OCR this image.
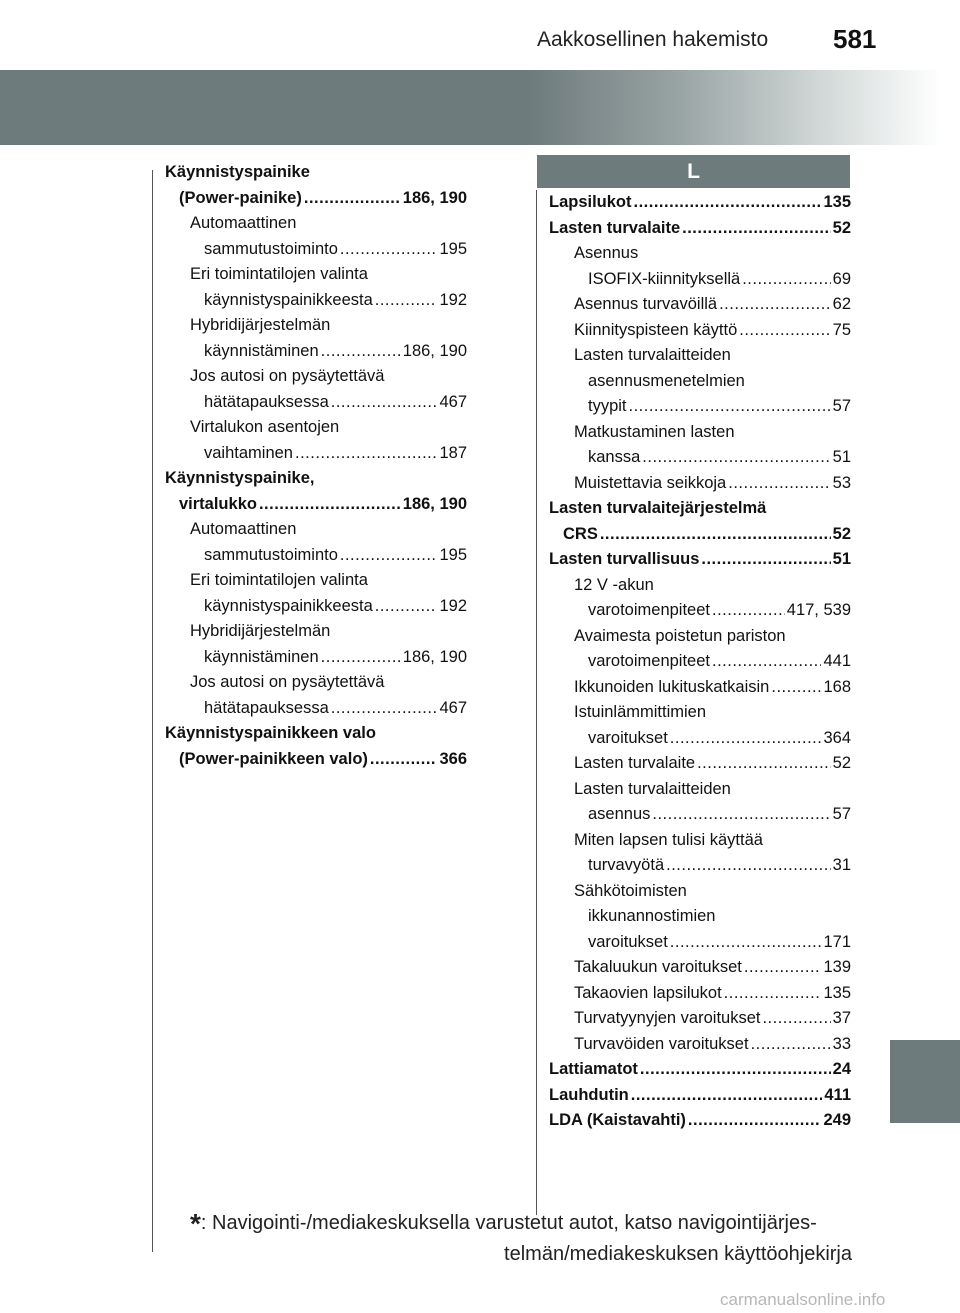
Aakkosellinen hakemisto 581
L
Käynnistyspainike
(Power-painike) .....	186, 190
Automaattinen
sammutustoiminto .....	195
Eri toimintatilojen valinta
käynnistyspainikkeesta .....	192
Hybridijärjestelmän
käynnistäminen .....	186, 190
Jos autosi on pysäytettävä
hätätapauksessa .....	467
Virtalukon asentojen
vaihtaminen .....	187
Käynnistyspainike,
virtalukko .....	186, 190
Automaattinen
sammutustoiminto .....	195
Eri toimintatilojen valinta
käynnistyspainikkeesta .....	192
Hybridijärjestelmän
käynnistäminen .....	186, 190
Jos autosi on pysäytettävä
hätätapauksessa .....	467
Käynnistyspainikkeen valo
(Power-painikkeen valo) .....	366
Lapsilukot .....	135
Lasten turvalaite .....	52
Asennus
ISOFIX-kiinnityksellä .....	69
Asennus turvavöillä .....	62
Kiinnityspisteen käyttö .....	75
Lasten turvalaitteiden
asennusmenetelmien
tyypit .....	57
Matkustaminen lasten
kanssa .....	51
Muistettavia seikkoja .....	53
Lasten turvalaitejärjestelmä
CRS .....	52
Lasten turvallisuus .....	51
12 V -akun
varotoimenpiteet .....	417, 539
Avaimesta poistetun pariston
varotoimenpiteet .....	441
Ikkunoiden lukituskatkaisin .....	168
Istuinlämmittimien
varoitukset .....	364
Lasten turvalaite .....	52
Lasten turvalaitteiden
asennus .....	57
Miten lapsen tulisi käyttää
turvavyötä .....	31
Sähkötoimisten
ikkunannostimien
varoitukset .....	171
Takaluukun varoitukset .....	139
Takaovien lapsilukot .....	135
Turvatyynyjen varoitukset .....	37
Turvavöiden varoitukset .....	33
Lattiamatot .....	24
Lauhdutin .....	411
LDA (Kaistavahti) .....	249
*: Navigointi-/mediakeskuksella varustetut autot, katso navigointijärjes-
telmän/mediakeskuksen käyttöohjekirja
carmanualsonline.info
